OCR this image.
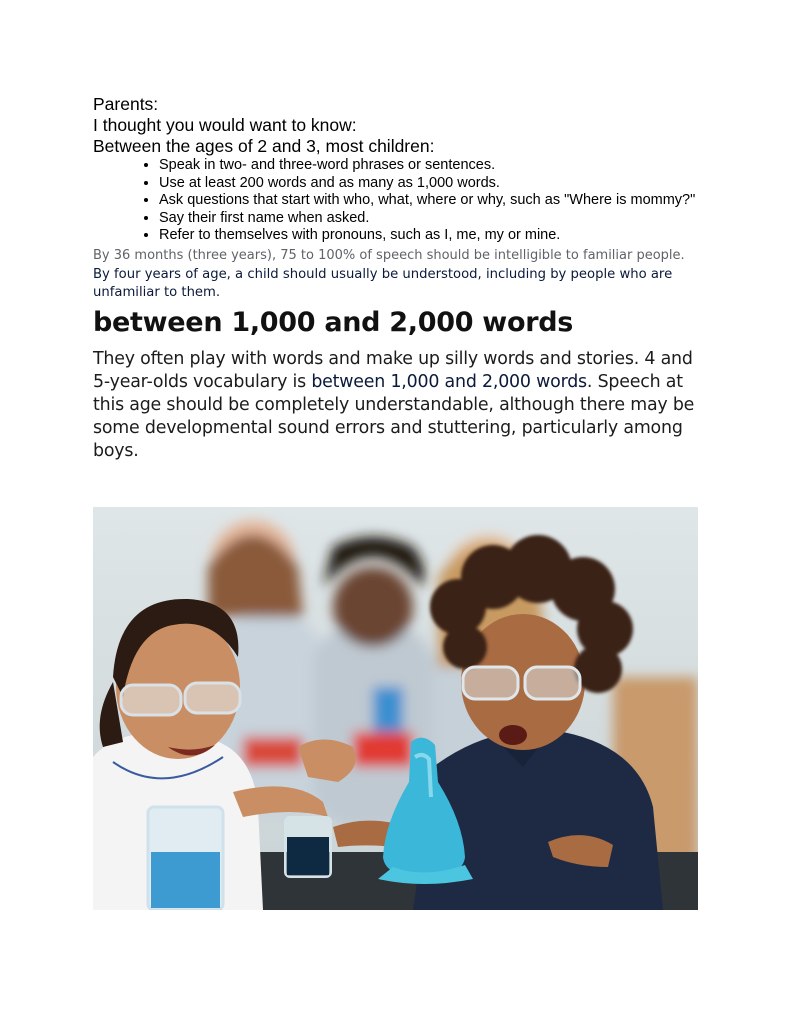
Parents:

I thought you would want to know:

Between the ages of 2 and 3, most children:

• Speak in two- and three-word phrases or sentences.
• Use at least 200 words and as many as 1,000 words.
• Ask questions that start with who, what, where or why, such as "Where is mommy?"
• Say their first name when asked.
• Refer to themselves with pronouns, such as I, me, my or mine.

By 36 months (three years), 75 to 100% of speech should be intelligible to familiar people.

By four years of age, a child should usually be understood, including by people who are unfamiliar to them.

between 1,000 and 2,000 words

They often play with words and make up silly words and stories. 4 and 5-year-olds vocabulary is between 1,000 and 2,000 words. Speech at this age should be completely understandable, although there may be some developmental sound errors and stuttering, particularly among boys.
